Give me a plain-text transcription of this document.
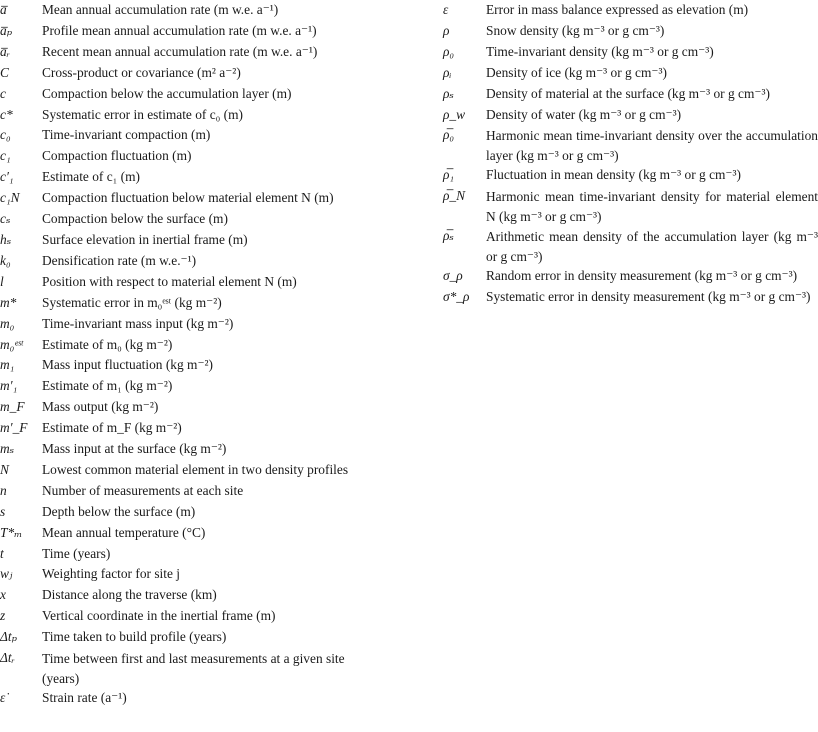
a̅	Mean annual accumulation rate (m w.e. a⁻¹)
a̅ₚ	Profile mean annual accumulation rate (m w.e. a⁻¹)
a̅ᵣ	Recent mean annual accumulation rate (m w.e. a⁻¹)
C	Cross-product or covariance (m² a⁻²)
c	Compaction below the accumulation layer (m)
c*	Systematic error in estimate of c₀ (m)
c₀	Time-invariant compaction (m)
c₁	Compaction fluctuation (m)
c′₁	Estimate of c₁ (m)
c₁N	Compaction fluctuation below material element N (m)
cₛ	Compaction below the surface (m)
hₛ	Surface elevation in inertial frame (m)
k₀	Densification rate (m w.e.⁻¹)
l	Position with respect to material element N (m)
m*	Systematic error in m₀ᵉˢᵗ (kg m⁻²)
m₀	Time-invariant mass input (kg m⁻²)
m₀ᵉˢᵗ	Estimate of m₀ (kg m⁻²)
m₁	Mass input fluctuation (kg m⁻²)
m′₁	Estimate of m₁ (kg m⁻²)
m_F	Mass output (kg m⁻²)
m′_F	Estimate of m_F (kg m⁻²)
mₛ	Mass input at the surface (kg m⁻²)
N	Lowest common material element in two density profiles
n	Number of measurements at each site
s	Depth below the surface (m)
T*ₘ	Mean annual temperature (°C)
t	Time (years)
wⱼ	Weighting factor for site j
x	Distance along the traverse (km)
z	Vertical coordinate in the inertial frame (m)
Δtₚ	Time taken to build profile (years)
Δtᵣ	Time between first and last measurements at a given site (years)
ε̇	Strain rate (a⁻¹)
ε	Error in mass balance expressed as elevation (m)
ρ	Snow density (kg m⁻³ or g cm⁻³)
ρ₀	Time-invariant density (kg m⁻³ or g cm⁻³)
ρᵢ	Density of ice (kg m⁻³ or g cm⁻³)
ρₛ	Density of material at the surface (kg m⁻³ or g cm⁻³)
ρ_w	Density of water (kg m⁻³ or g cm⁻³)
ρ̅₀	Harmonic mean time-invariant density over the accumulation layer (kg m⁻³ or g cm⁻³)
ρ̅₁	Fluctuation in mean density (kg m⁻³ or g cm⁻³)
ρ̅_N	Harmonic mean time-invariant density for material element N (kg m⁻³ or g cm⁻³)
ρ̅ₛ	Arithmetic mean density of the accumulation layer (kg m⁻³ or g cm⁻³)
σ_ρ	Random error in density measurement (kg m⁻³ or g cm⁻³)
σ*_ρ	Systematic error in density measurement (kg m⁻³ or g cm⁻³)
